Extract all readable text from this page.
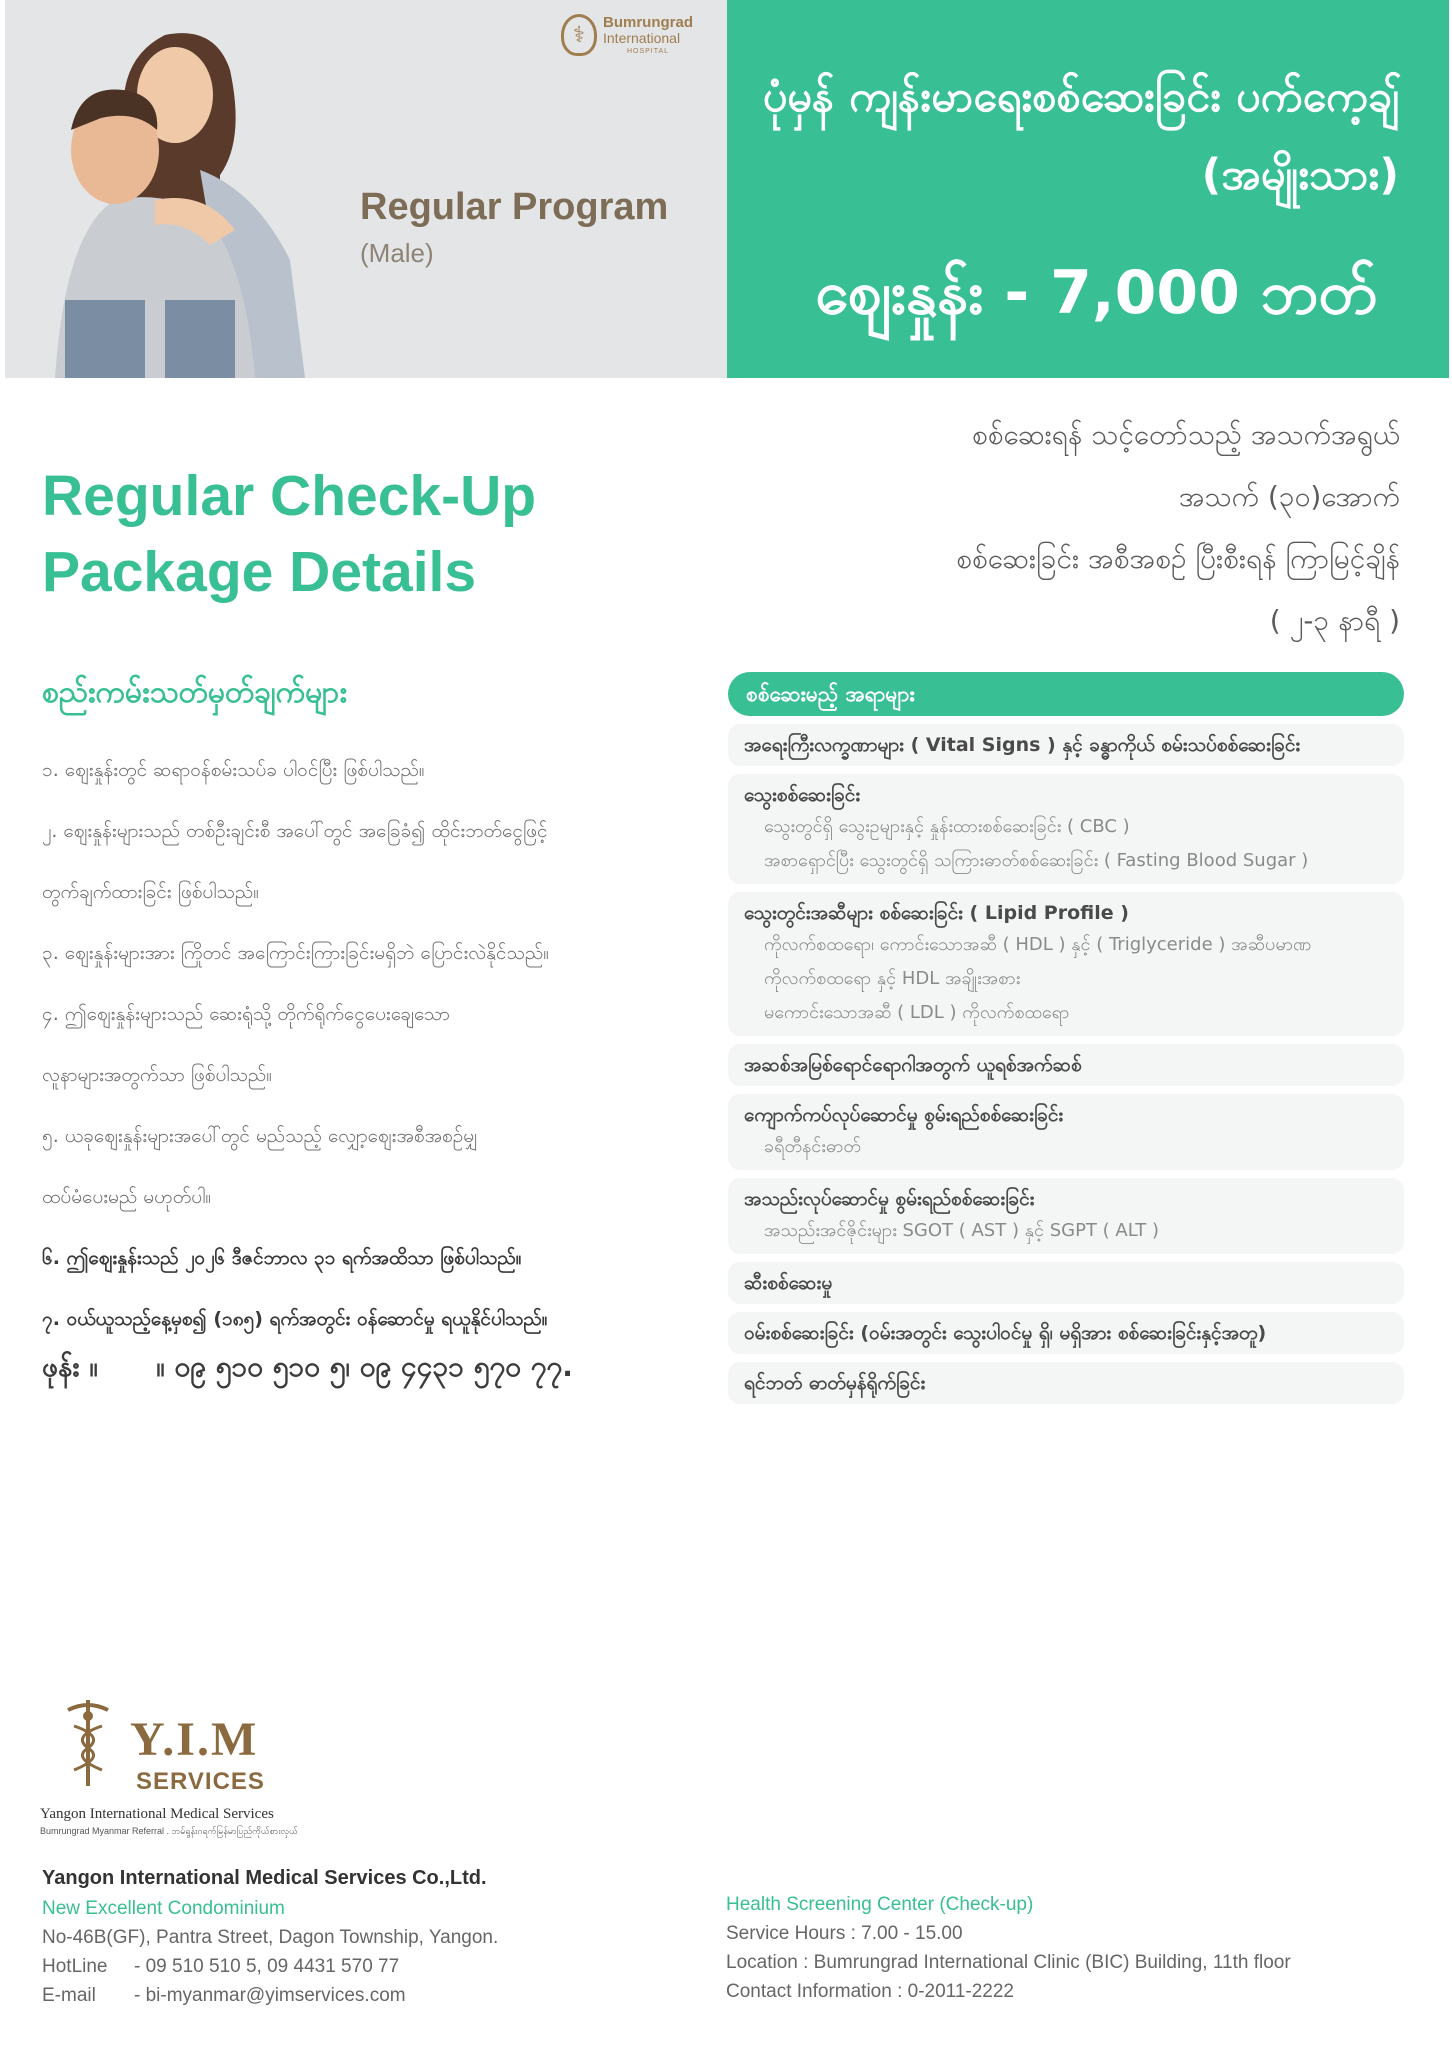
⚕	Bumrungrad
International
HOSPITAL
Regular Program
(Male)
ပုံမှန် ကျန်းမာရေးစစ်ဆေးခြင်း ပက်ကေ့ချ်
(အမျိုးသား)
စျေးနှုန်း - 7,000 ဘတ်
Regular Check-Up
Package Details
စစ်ဆေးရန် သင့်တော်သည့် အသက်အရွယ်
အသက် (၃၀)အောက်
စစ်ဆေးခြင်း အစီအစဉ် ပြီးစီးရန် ကြာမြင့်ချိန်
( ၂-၃ နာရီ )
စည်းကမ်းသတ်မှတ်ချက်များ
၁. စျေးနှုန်းတွင် ဆရာဝန်စမ်းသပ်ခ ပါဝင်ပြီး ဖြစ်ပါသည်။
၂. စျေးနှုန်းများသည် တစ်ဦးချင်းစီ အပေါ်တွင် အခြေခံ၍ ထိုင်းဘတ်ငွေဖြင့်
တွက်ချက်ထားခြင်း ဖြစ်ပါသည်။
၃. စျေးနှုန်းများအား ကြိုတင် အကြောင်းကြားခြင်းမရှိဘဲ ပြောင်းလဲနိုင်သည်။
၄. ဤစျေးနှုန်းများသည် ဆေးရုံသို့ တိုက်ရိုက်ငွေပေးချေသော
လူနာများအတွက်သာ ဖြစ်ပါသည်။
၅. ယခုစျေးနှုန်းများအပေါ်တွင် မည်သည့် လျှော့စျေးအစီအစဉ်မျှ
ထပ်မံပေးမည် မဟုတ်ပါ။
၆. ဤစျေးနှုန်းသည် ၂၀၂၆ ဒီဇင်ဘာလ ၃၁ ရက်အထိသာ ဖြစ်ပါသည်။
၇. ဝယ်ယူသည့်နေ့မှစ၍ (၁၈၅) ရက်အတွင်း ဝန်ဆောင်မှု ရယူနိုင်ပါသည်။
ဖုန်း ။      ။ ၀၉ ၅၁၀ ၅၁၀ ၅၊ ၀၉ ၄၄၃၁ ၅၇၀ ၇၇.
စစ်ဆေးမည့် အရာများ
အရေးကြီးလက္ခဏာများ ( Vital Signs ) နှင့် ခန္ဓာကိုယ် စမ်းသပ်စစ်ဆေးခြင်း
သွေးစစ်ဆေးခြင်း
သွေးတွင်ရှိ သွေးဥများနှင့် နှုန်းထားစစ်ဆေးခြင်း ( CBC )
အစာရှောင်ပြီး သွေးတွင်ရှိ သကြားဓာတ်စစ်ဆေးခြင်း ( Fasting Blood Sugar )
သွေးတွင်းအဆီများ စစ်ဆေးခြင်း ( Lipid Profile )
ကိုလက်စထရော၊ ကောင်းသောအဆီ ( HDL ) နှင့် ( Triglyceride ) အဆီပမာဏ
ကိုလက်စထရော နှင့် HDL အချိုးအစား
မကောင်းသောအဆီ ( LDL ) ကိုလက်စထရော
အဆစ်အမြစ်ရောင်ရောဂါအတွက် ယူရစ်အက်ဆစ်
ကျောက်ကပ်လုပ်ဆောင်မှု စွမ်းရည်စစ်ဆေးခြင်း
ခရီတီနင်းဓာတ်
အသည်းလုပ်ဆောင်မှု စွမ်းရည်စစ်ဆေးခြင်း
အသည်းအင်ဇိုင်းများ SGOT ( AST ) နှင့် SGPT ( ALT )
ဆီးစစ်ဆေးမှု
ဝမ်းစစ်ဆေးခြင်း (ဝမ်းအတွင်း သွေးပါဝင်မှု ရှိ၊ မရှိအား စစ်ဆေးခြင်းနှင့်အတူ)
ရင်ဘတ် ဓာတ်မှန်ရိုက်ခြင်း
Y.I.M
SERVICES
Yangon International Medical Services
Bumrungrad Myanmar Referral . ဘမ်ရွန်းဂရက်မြန်မာပြည်ကိုယ်စားလှယ်
Yangon International Medical Services Co.,Ltd.
New Excellent Condominium
No-46B(GF), Pantra Street, Dagon Township, Yangon.
HotLine - 09 510 510 5, 09 4431 570 77
E-mail - bi-myanmar@yimservices.com
Health Screening Center (Check-up)
Service Hours : 7.00 - 15.00
Location : Bumrungrad International Clinic (BIC) Building, 11th floor
Contact Information : 0-2011-2222
